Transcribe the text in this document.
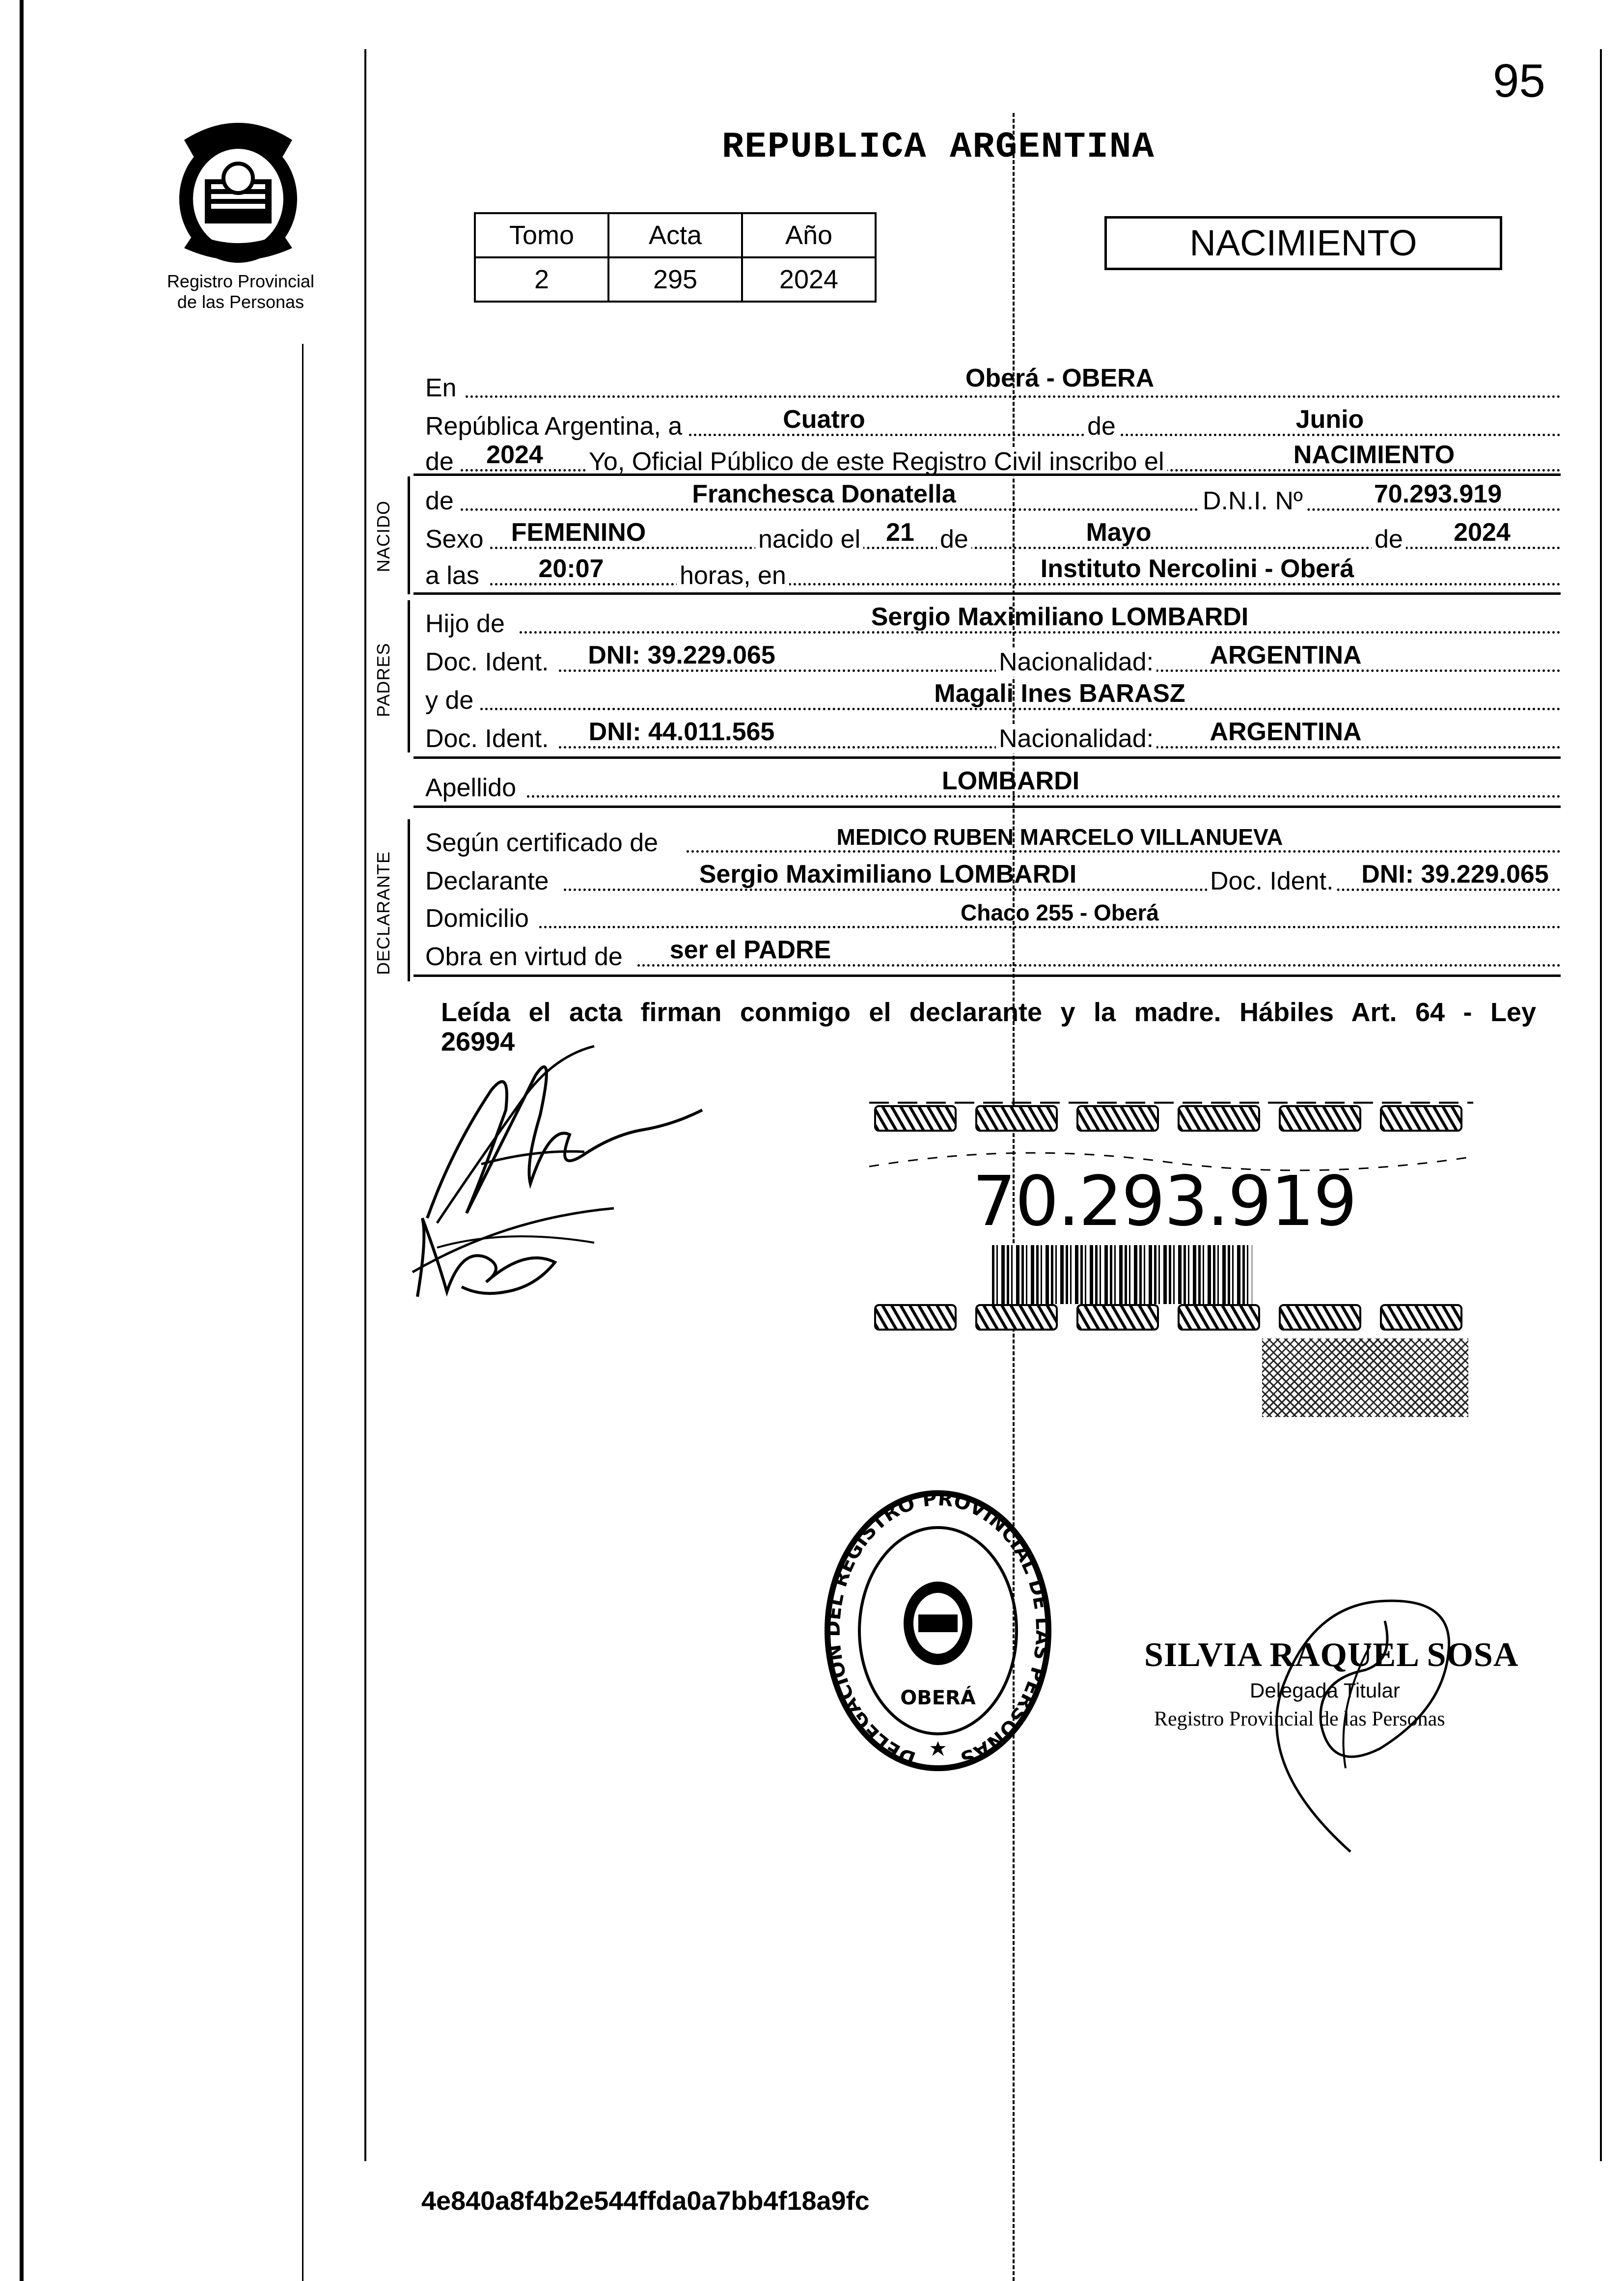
Registro Provincial
de las Personas
95
REPUBLICA ARGENTINA
Tomo	Acta	Año
2	295	2024
NACIMIENTO
En	Oberá - OBERA
República Argentina, a	Cuatro	de	Junio
de	2024	Yo, Oficial Público de este Registro Civil inscribo el	NACIMIENTO
NACIDO de	Franchesca Donatella	D.N.I. Nº	70.293.919
Sexo	FEMENINO	nacido el 21	de	Mayo	de	2024
a las	20:07	horas, en	Instituto Nercolini - Oberá
PADRES
Hijo de	Sergio Maximiliano LOMBARDI
Doc. Ident.	DNI: 39.229.065	Nacionalidad:	ARGENTINA
y de	Magali Ines BARASZ
Doc. Ident.	DNI: 44.011.565	Nacionalidad:	ARGENTINA
Apellido	LOMBARDI
DECLARANTE
Según certificado de	MEDICO RUBEN MARCELO VILLANUEVA
Declarante	Sergio Maximiliano LOMBARDI	Doc. Ident.	DNI: 39.229.065
Domicilio	Chaco 255 - Oberá
Obra en virtud de	ser el PADRE
Leída el acta firman conmigo el declarante y la madre. Hábiles Art. 64 - Ley
26994
70.293.919
DELEGACION DEL REGISTRO PROVINCIAL DE LAS PERSONAS
OBERÁ
SILVIA RAQUEL SOSA
Delegada Titular
Registro Provincial de las Personas
4e840a8f4b2e544ffda0a7bb4f18a9fc
